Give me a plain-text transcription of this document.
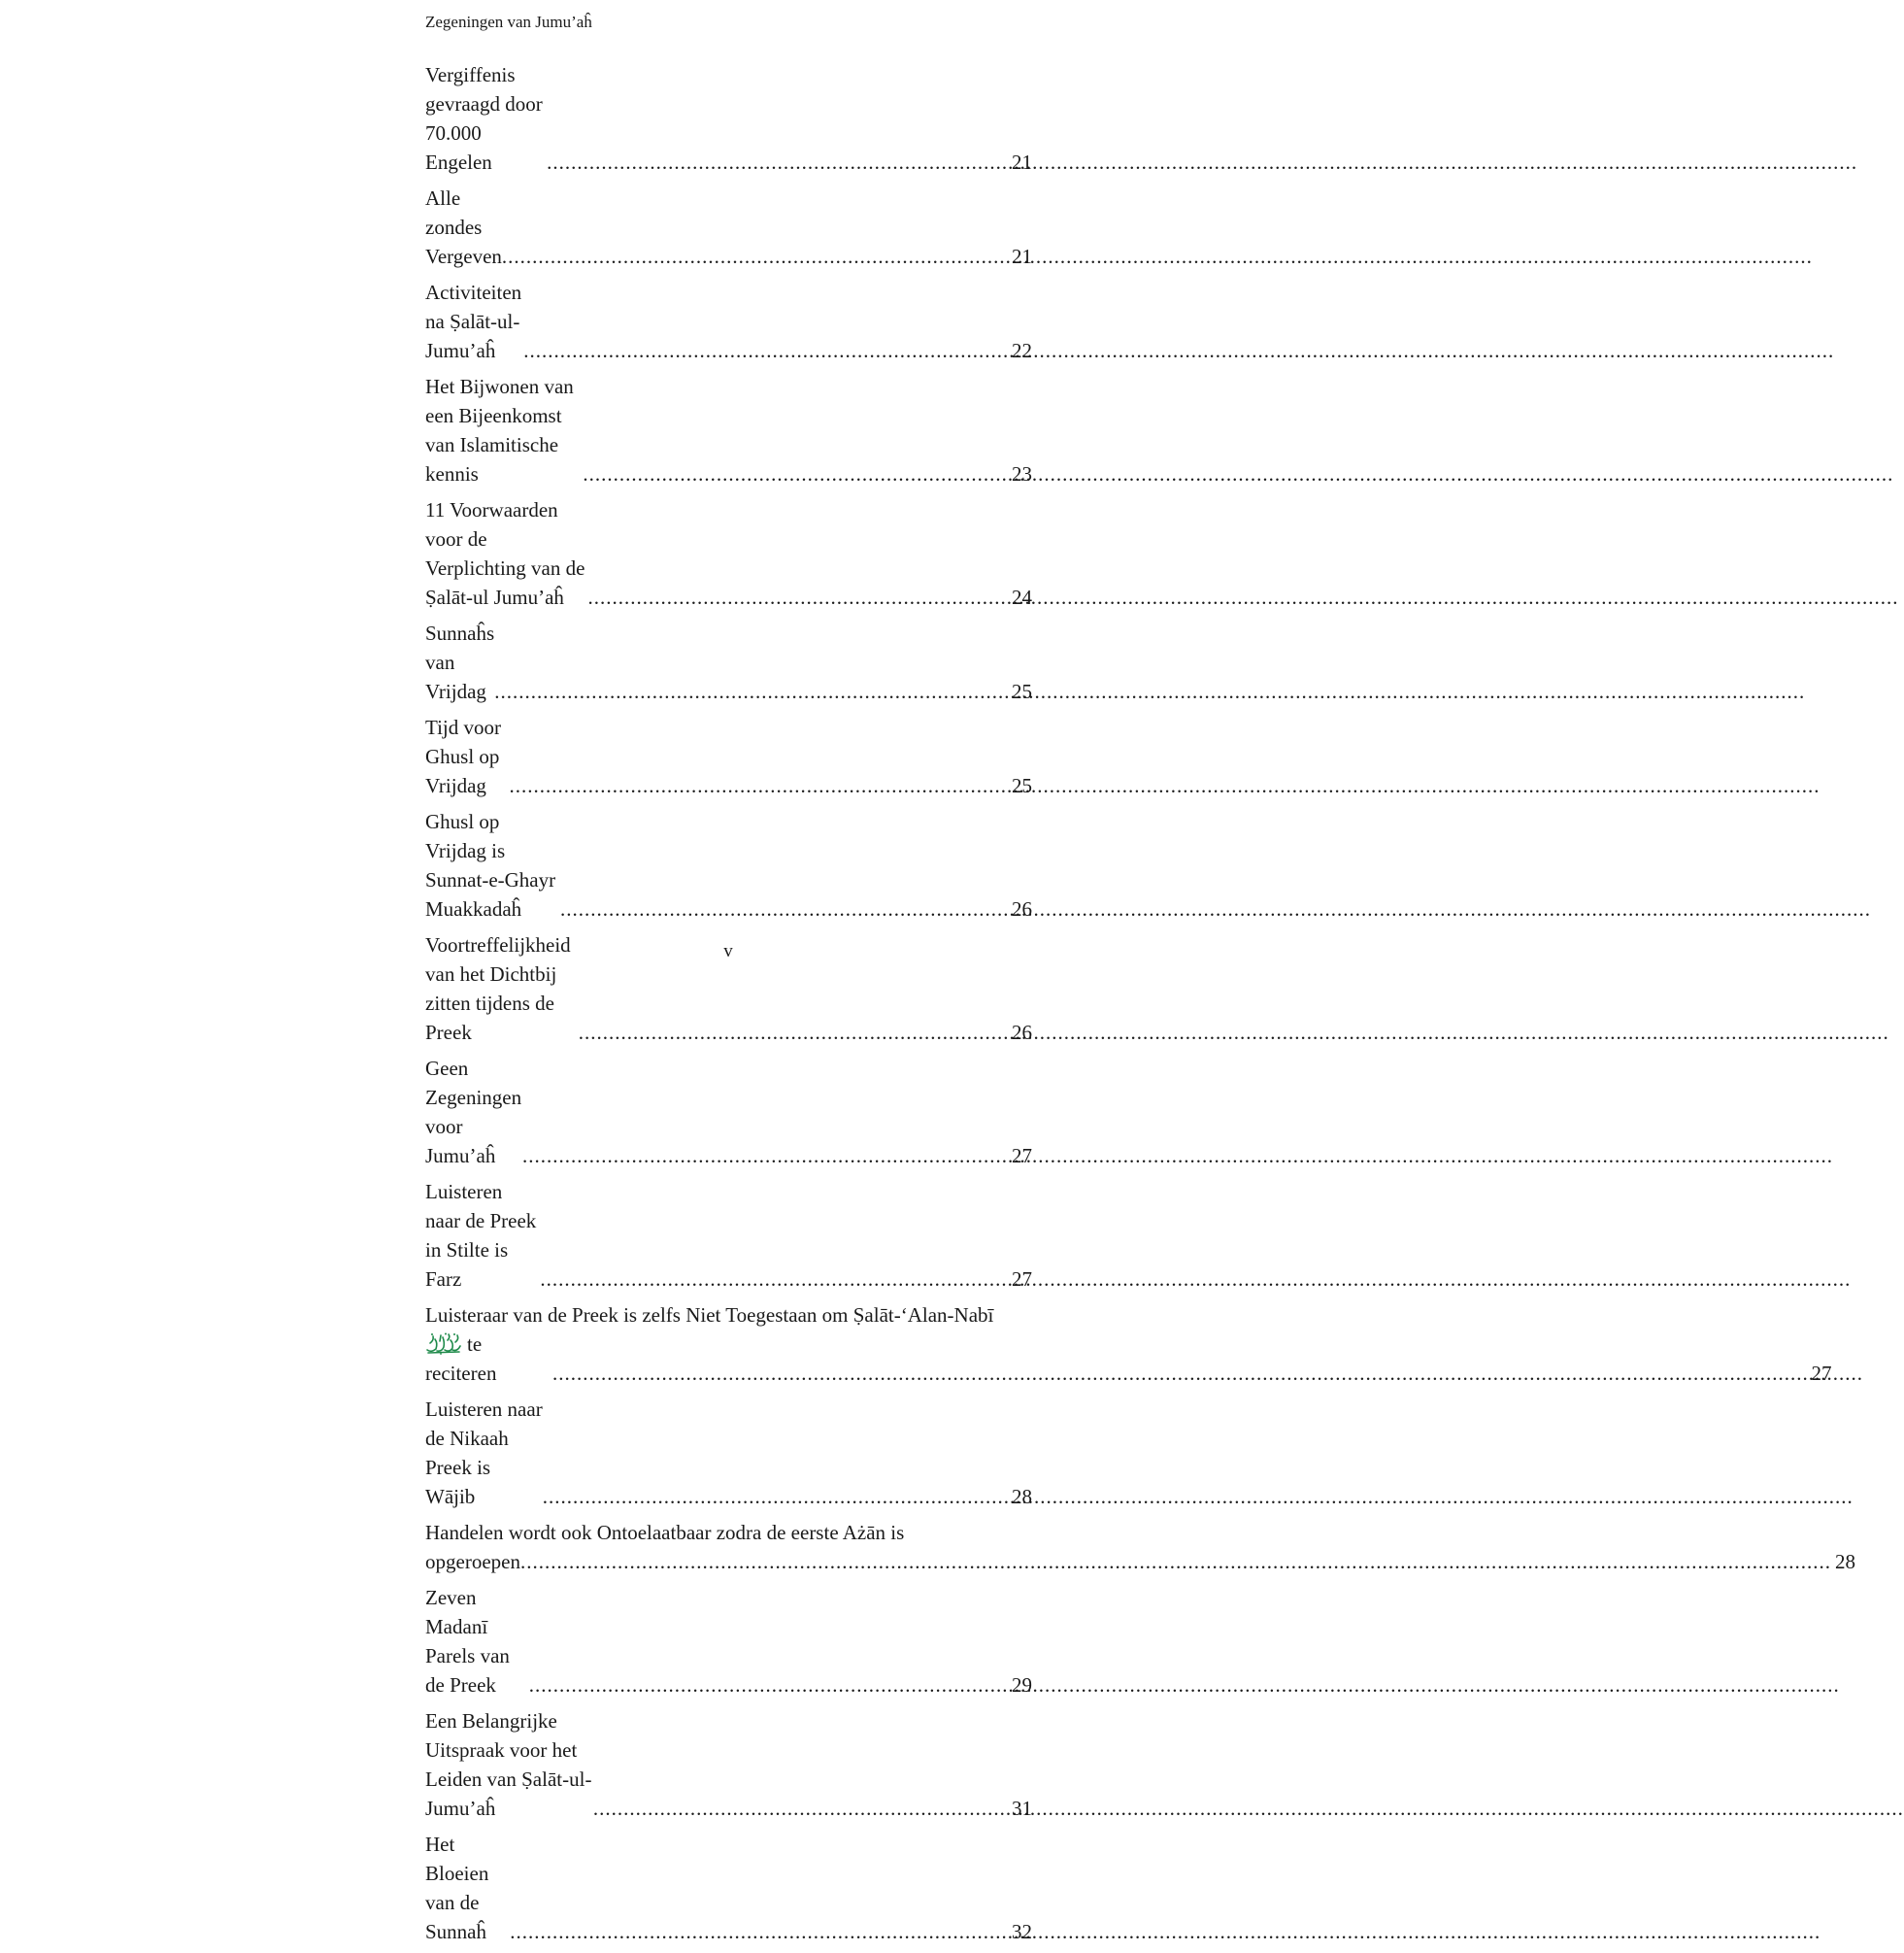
Zegeningen van Jumu’aĥ
Vergiffenis gevraagd door 70.000 Engelen .....	21
Alle zondes Vergeven .....	21
Activiteiten na Ṣalāt-ul-Jumu’aĥ .....	22
Het Bijwonen van een Bijeenkomst van Islamitische kennis .....	23
11 Voorwaarden voor de Verplichting van de Ṣalāt-ul Jumu’aĥ .....	24
Sunnaĥs van Vrijdag .....	25
Tijd voor Ghusl op Vrijdag .....	25
Ghusl op Vrijdag is Sunnat-e-Ghayr Muakkadaĥ .....	26
Voortreffelijkheid van het Dichtbij zitten tijdens de Preek .....	26
Geen Zegeningen voor Jumu’aĥ .....	27
Luisteren naar de Preek in Stilte is Farz .....	27
Luisteraar van de Preek is zelfs Niet Toegestaan om Ṣalāt-‘Alan-Nabī
te reciteren .....	27
Luisteren naar de Nikaah Preek is Wājib .....	28
Handelen wordt ook Ontoelaatbaar zodra de eerste Ażān is
opgeroepen .....	28
Zeven Madanī Parels van de Preek .....	29
Een Belangrijke Uitspraak voor het Leiden van Ṣalāt-ul-Jumu’aĥ .....	31
Het Bloeien van de Sunnaĥ .....	32
v
